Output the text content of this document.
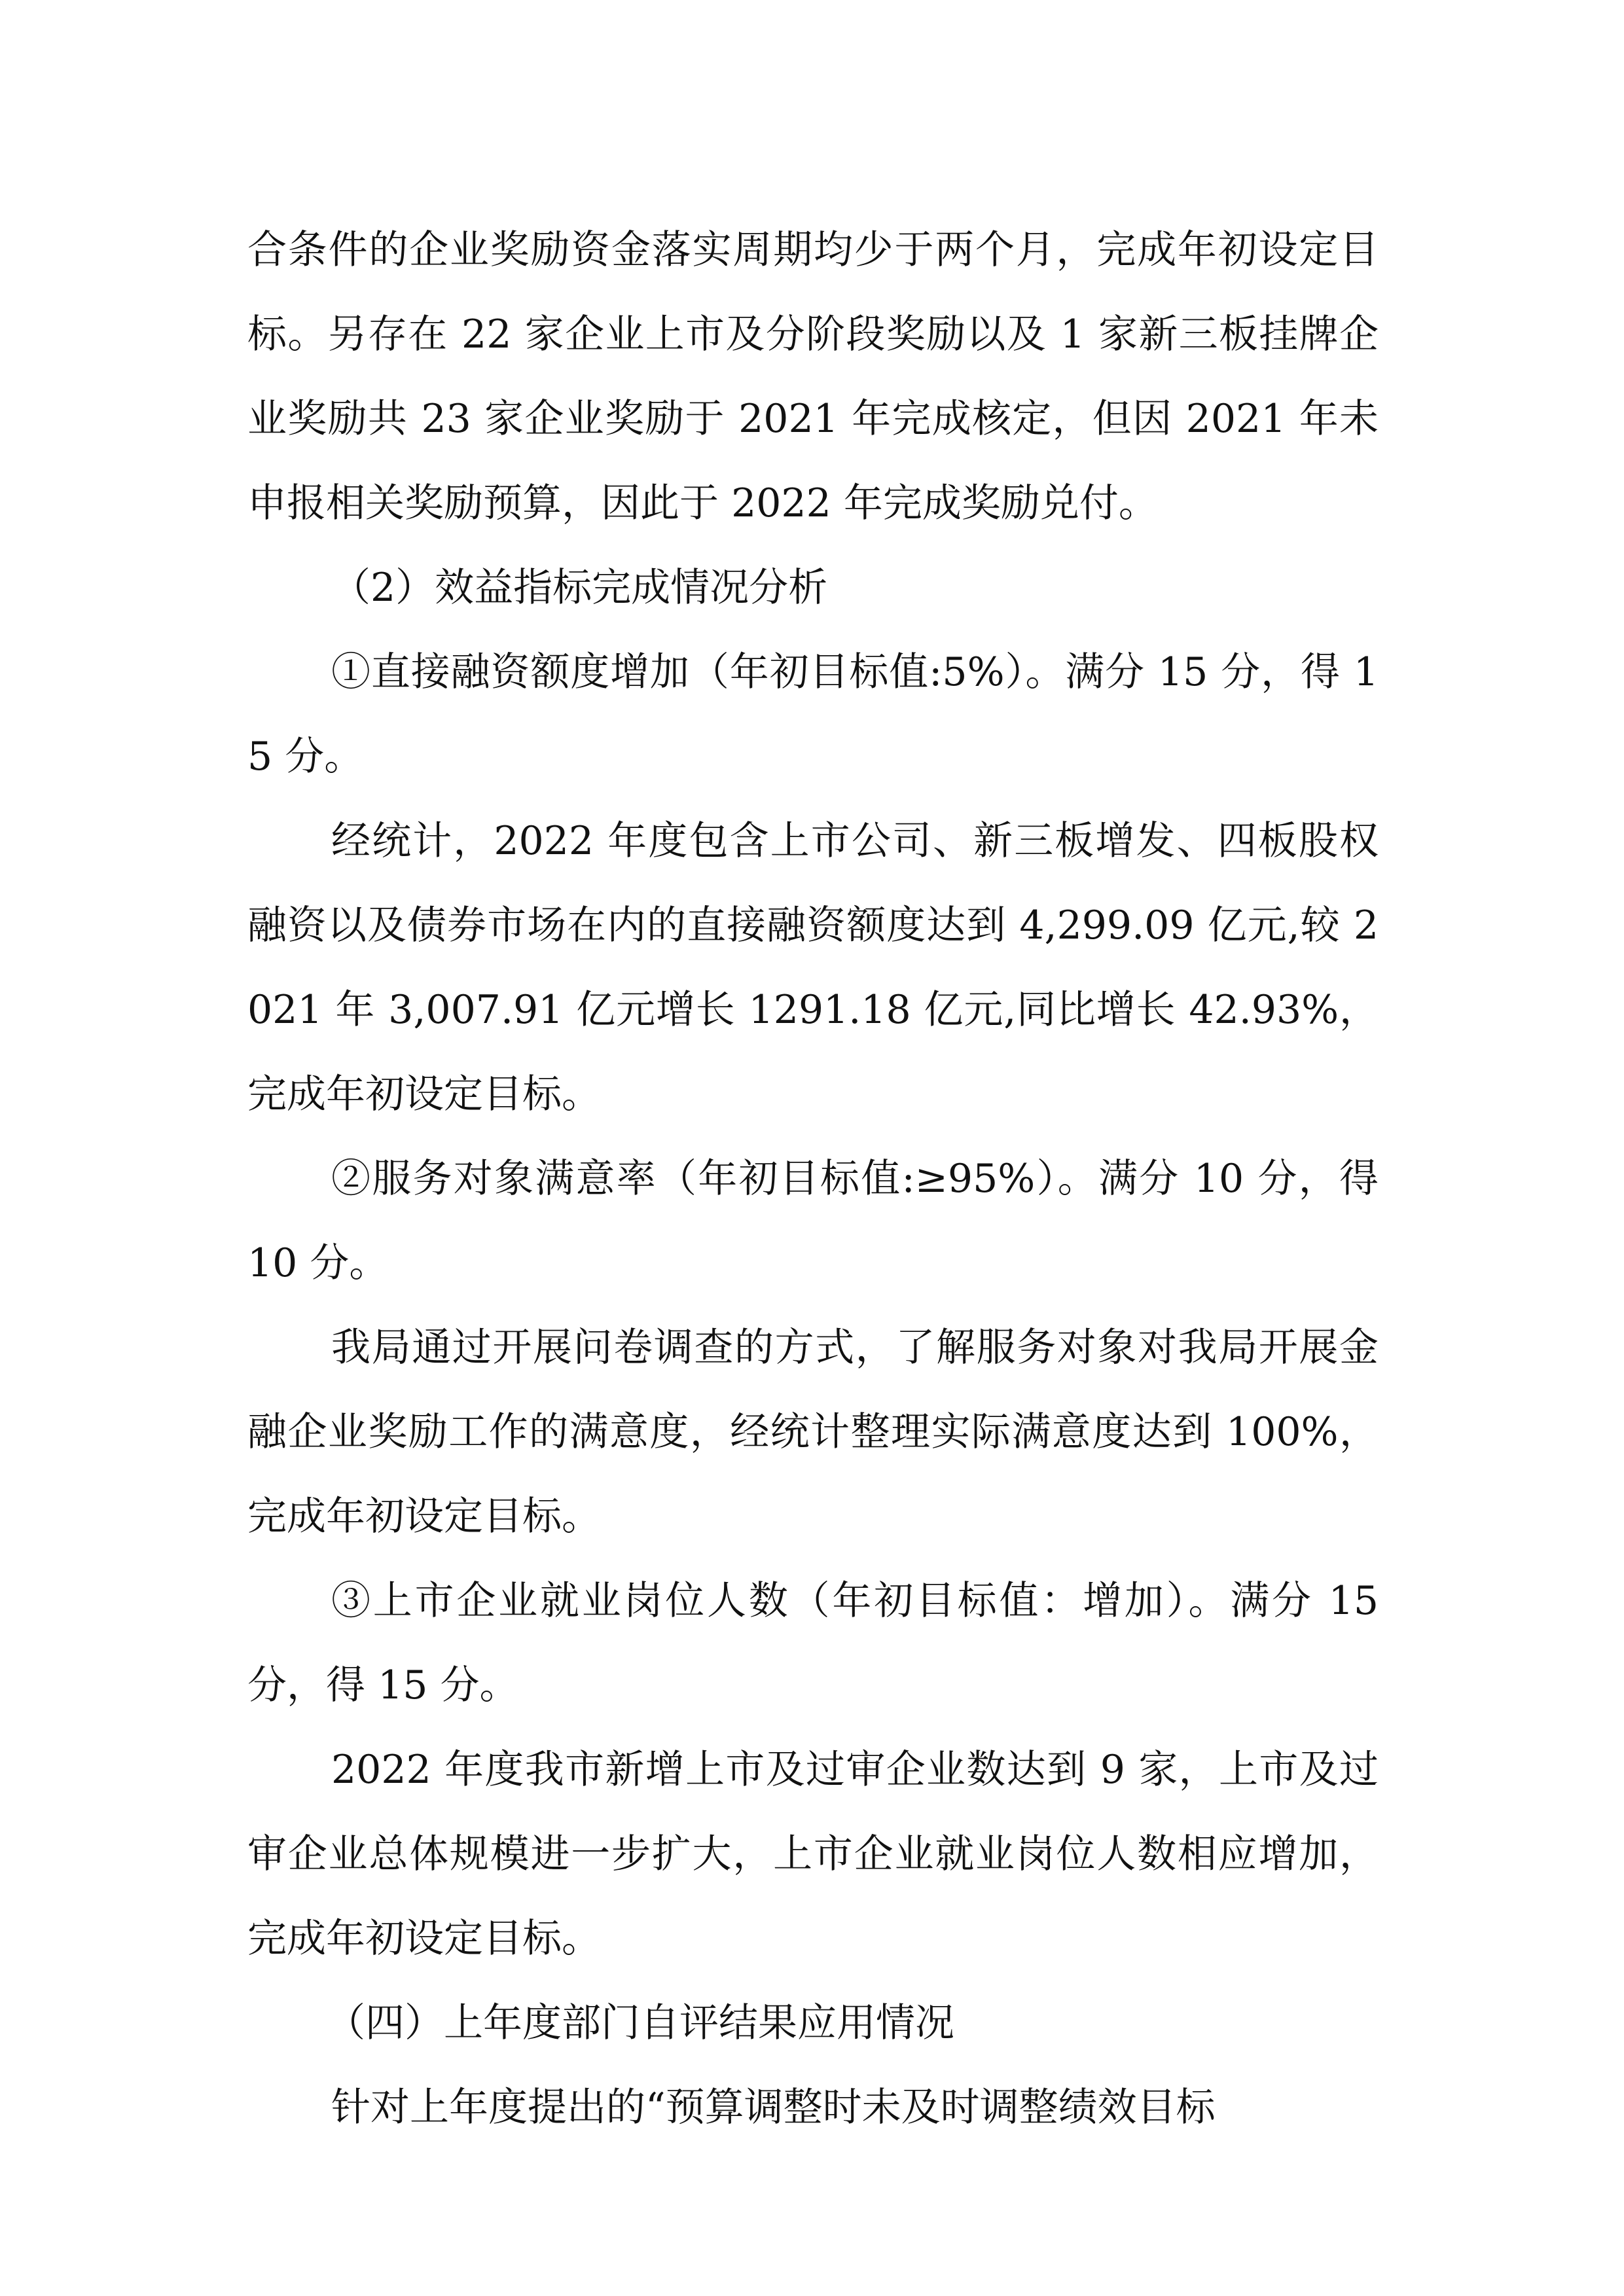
合条件的企业奖励资金落实周期均少于两个月，完成年初设定目标。另存在 22 家企业上市及分阶段奖励以及 1 家新三板挂牌企业奖励共 23 家企业奖励于 2021 年完成核定，但因 2021 年未申报相关奖励预算，因此于 2022 年完成奖励兑付。

（2）效益指标完成情况分析

①直接融资额度增加（年初目标值:5%）。满分 15 分，得 15 分。

经统计，2022 年度包含上市公司、新三板增发、四板股权融资以及债券市场在内的直接融资额度达到 4,299.09 亿元,较 2021 年 3,007.91 亿元增长 1291.18 亿元,同比增长 42.93%，完成年初设定目标。

②服务对象满意率（年初目标值:≥95%）。满分 10 分，得 10 分。

我局通过开展问卷调查的方式，了解服务对象对我局开展金融企业奖励工作的满意度，经统计整理实际满意度达到 100%，完成年初设定目标。

③上市企业就业岗位人数（年初目标值：增加）。满分 15 分，得 15 分。

2022 年度我市新增上市及过审企业数达到 9 家，上市及过审企业总体规模进一步扩大，上市企业就业岗位人数相应增加，完成年初设定目标。

（四）上年度部门自评结果应用情况

针对上年度提出的“预算调整时未及时调整绩效目标
